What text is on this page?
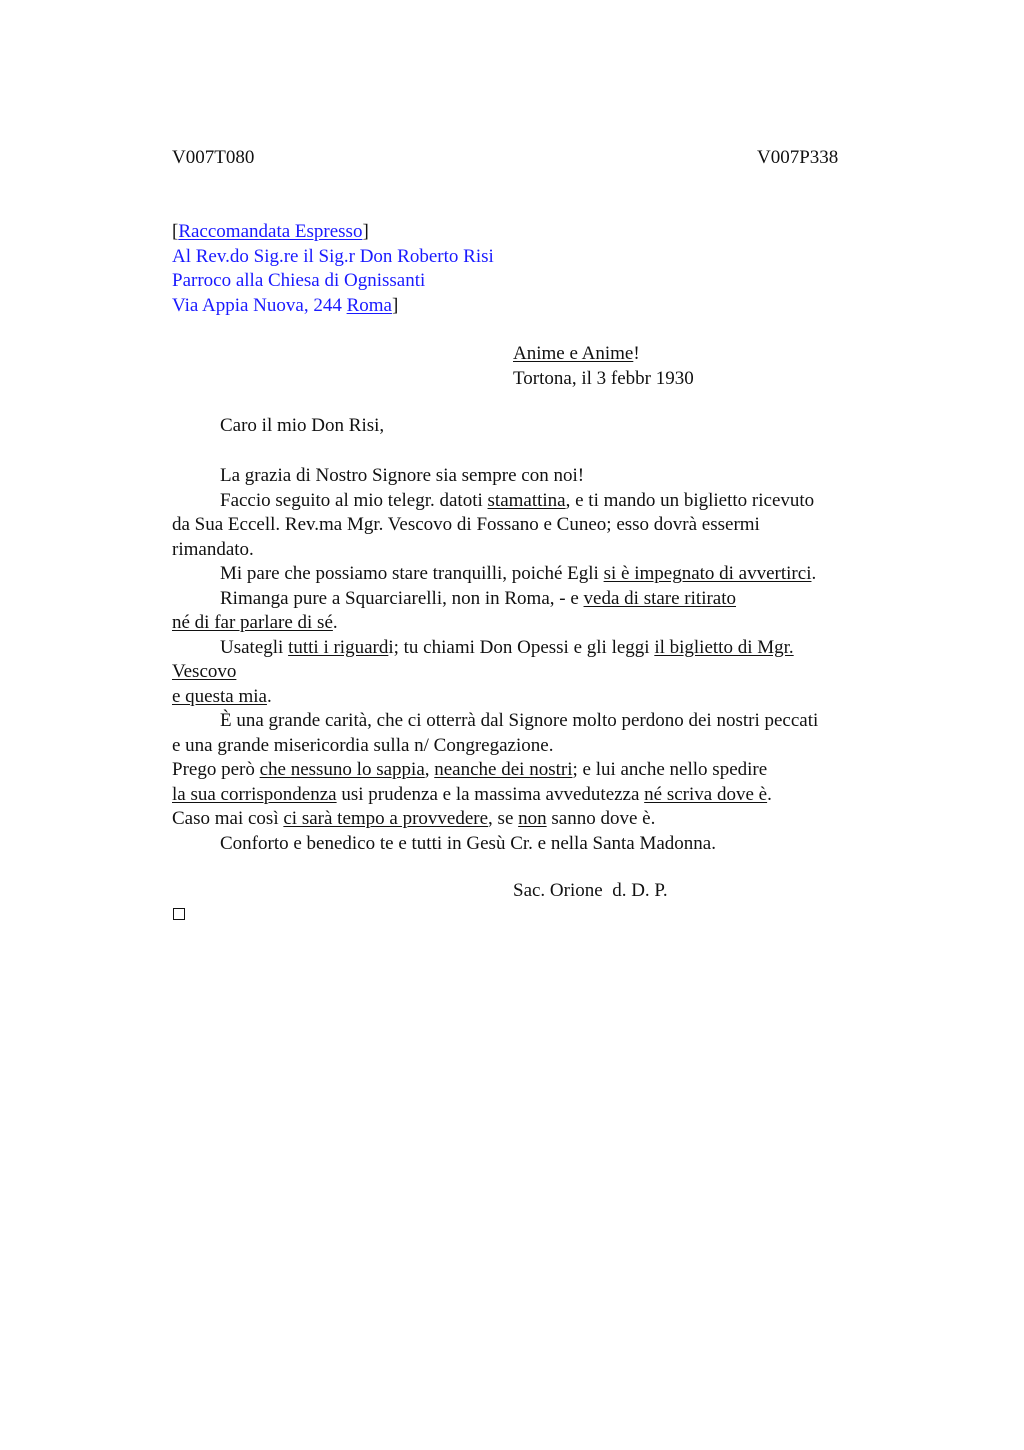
V007T080	V007P338
[Raccomandata Espresso]
Al Rev.do Sig.re il Sig.r Don Roberto Risi
Parroco alla Chiesa di Ognissanti
Via Appia Nuova, 244 Roma]
Anime e Anime!
Tortona, il 3 febbr 1930
Caro il mio Don Risi,
La grazia di Nostro Signore sia sempre con noi!
Faccio seguito al mio telegr. datoti stamattina, e ti mando un biglietto ricevuto
da Sua Eccell. Rev.ma Mgr. Vescovo di Fossano e Cuneo; esso dovrà essermi
rimandato.
Mi pare che possiamo stare tranquilli, poiché Egli si è impegnato di avvertirci.
Rimanga pure a Squarciarelli, non in Roma, - e veda di stare ritirato
né di far parlare di sé.
Usategli tutti i riguardi; tu chiami Don Opessi e gli leggi il biglietto di Mgr.
Vescovo
e questa mia.
È una grande carità, che ci otterrà dal Signore molto perdono dei nostri peccati
e una grande misericordia sulla n/ Congregazione.
Prego però che nessuno lo sappia, neanche dei nostri; e lui anche nello spedire
la sua corrispondenza usi prudenza e la massima avvedutezza né scriva dove è.
Caso mai così ci sarà tempo a provvedere, se non sanno dove è.
Conforto e benedico te e tutti in Gesù Cr. e nella Santa Madonna.
Sac. Orione  d. D. P.
